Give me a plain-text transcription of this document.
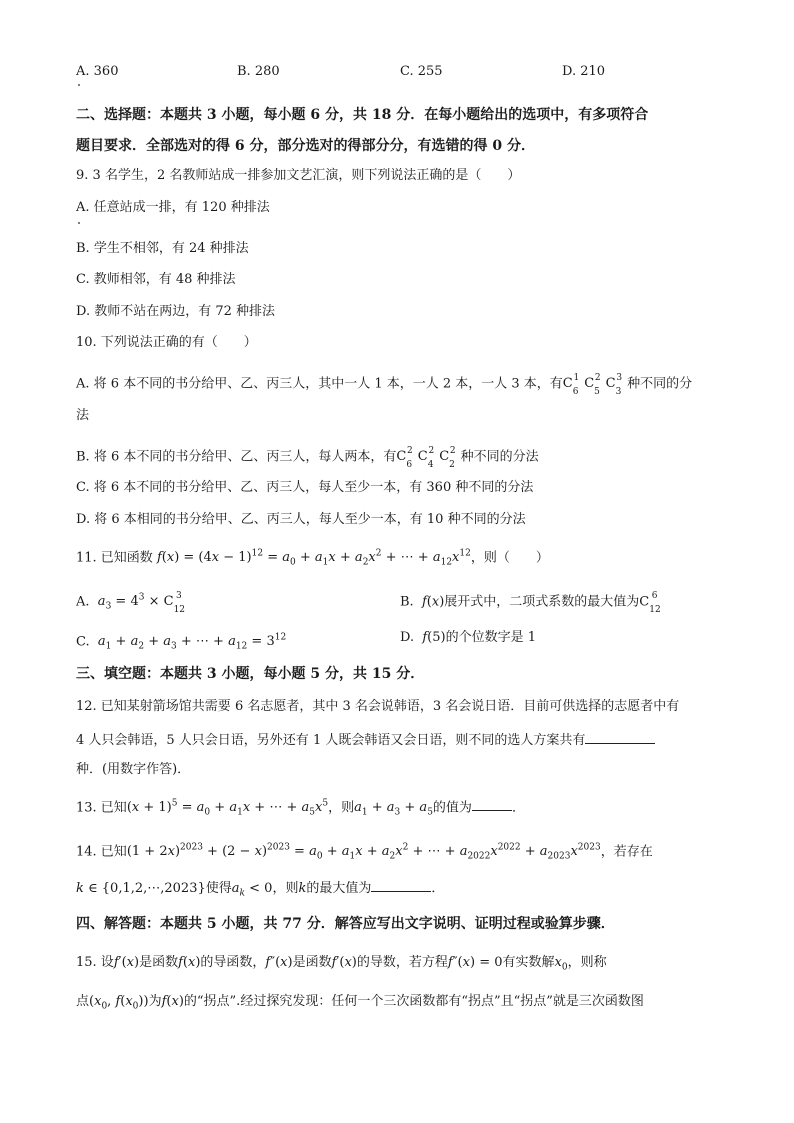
A. 360	B. 280	C. 255	D. 210
二、选择题：本题共 3 小题，每小题 6 分，共 18 分．在每小题给出的选项中，有多项符合
题目要求．全部选对的得 6 分，部分选对的得部分分，有选错的得 0 分．
9. 3 名学生，2 名教师站成一排参加文艺汇演，则下列说法正确的是（　　）
A. 任意站成一排，有 120 种排法
B. 学生不相邻，有 24 种排法
C. 教师相邻，有 48 种排法
D. 教师不站在两边，有 72 种排法
10. 下列说法正确的有（　　）
A. 将 6 本不同的书分给甲、乙、丙三人，其中一人 1 本，一人 2 本，一人 3 本，有$C_6^1$ $C_5^2$ $C_3^3$ 种不同的分
法
B. 将 6 本不同的书分给甲、乙、丙三人，每人两本，有$C_6^2$ $C_4^2$ $C_2^2$ 种不同的分法
C. 将 6 本不同的书分给甲、乙、丙三人，每人至少一本，有 360 种不同的分法
D. 将 6 本相同的书分给甲、乙、丙三人，每人至少一本，有 10 种不同的分法
11. 已知函数 $f(x) = (4x - 1)^{12} = a_0 + a_1x + a_2x^2$ + ⋯ + $a_{12}x^{12}$，则（　　）
A. $a_3 = 4^3 \times C_{12}^3$	B. f(x)展开式中，二项式系数的最大值为$C_{12}^6$
C. $a_1 + a_2 + a_3$ + ⋯ + $a_{12} = 3^{12}$	D. f(5)的个位数字是 1
三、填空题：本题共 3 小题，每小题 5 分，共 15 分．
12. 已知某射箭场馆共需要 6 名志愿者，其中 3 名会说韩语，3 名会说日语．目前可供选择的志愿者中有
4 人只会韩语，5 人只会日语，另外还有 1 人既会韩语又会日语，则不同的选人方案共有
种．(用数字作答)．
13. 已知$(x + 1)^5 = a_0 + a_1x$ + ⋯ + $a_5x^5$，则$a_1 + a_3 + a_5$的值为	．
14. 已知$(1 + 2x)^{2023} + (2 - x)^{2023} = a_0 + a_1x + a_2x^2$ + ⋯ + $a_{2022}x^{2022} + a_{2023}x^{2023}$，若存在
k ∈ {0,1,2,⋯,2023}使得$a_k < 0$，则k的最大值为	．
四、解答题：本题共 5 小题，共 77 分．解答应写出文字说明、证明过程或验算步骤．
15. 设f′(x)是函数f(x)的导函数，f″(x)是函数f′(x)的导数，若方程f″(x) = 0有实数解$x_0$，则称
点($x_0$, $f(x_0)$)为f(x)的“拐点”.经过探究发现：任何一个三次函数都有“拐点”且“拐点”就是三次函数图
